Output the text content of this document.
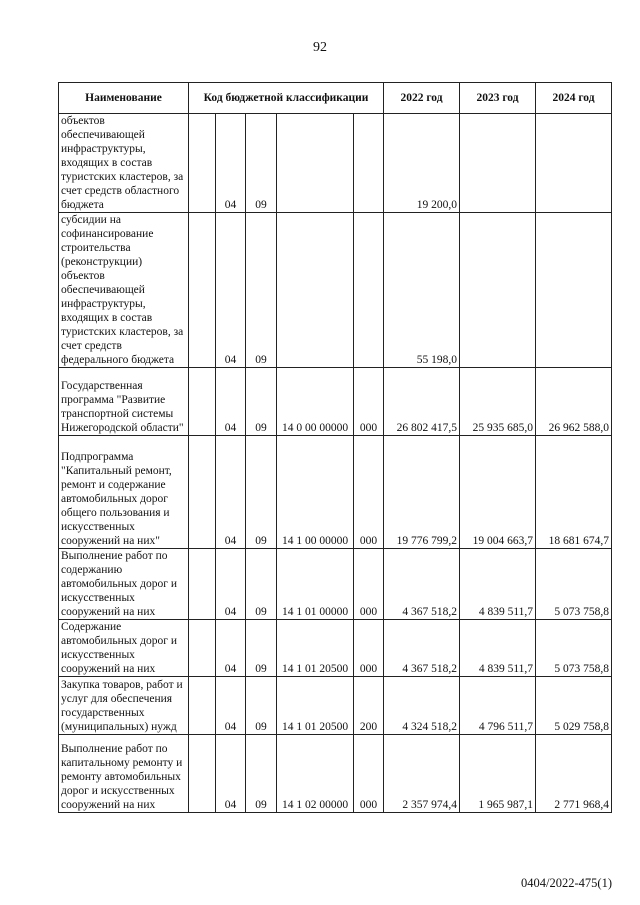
92
Наименование	Код бюджетной классификации					2022 год	2023 год	2024 год
объектов обеспечивающей инфраструктуры, входящих в состав туристских кластеров, за счет средств областного бюджета		04	09			19 200,0		
субсидии на софинансирование строительства (реконструкции) объектов обеспечивающей инфраструктуры, входящих в состав туристских кластеров, за счет средств федерального бюджета		04	09			55 198,0		
Государственная программа "Развитие транспортной системы Нижегородской области"		04	09	14 0 00 00000	000	26 802 417,5	25 935 685,0	26 962 588,0
Подпрограмма "Капитальный ремонт, ремонт и содержание автомобильных дорог общего пользования и искусственных сооружений на них"		04	09	14 1 00 00000	000	19 776 799,2	19 004 663,7	18 681 674,7
Выполнение работ по содержанию автомобильных дорог и искусственных сооружений на них		04	09	14 1 01 00000	000	4 367 518,2	4 839 511,7	5 073 758,8
Содержание автомобильных дорог и искусственных сооружений на них		04	09	14 1 01 20500	000	4 367 518,2	4 839 511,7	5 073 758,8
Закупка товаров, работ и услуг для обеспечения государственных (муниципальных) нужд		04	09	14 1 01 20500	200	4 324 518,2	4 796 511,7	5 029 758,8
Выполнение работ по капитальному ремонту и ремонту автомобильных дорог и искусственных сооружений на них		04	09	14 1 02 00000	000	2 357 974,4	1 965 987,1	2 771 968,4
0404/2022-475(1)
